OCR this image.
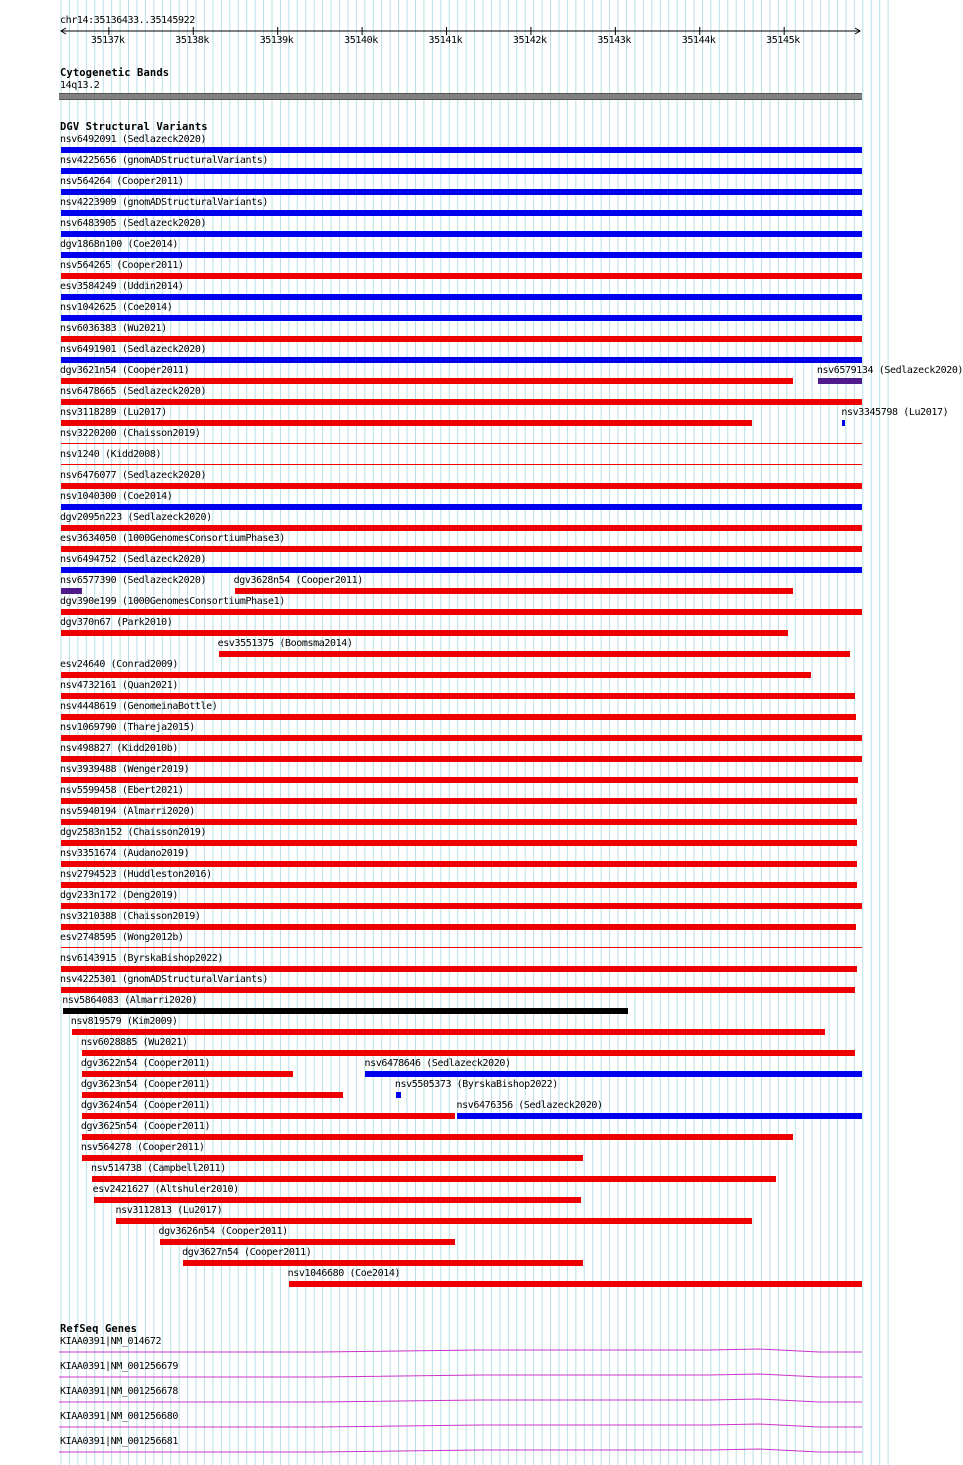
chr14:35136433..35145922
35137k	35138k	35139k	35140k	35141k	35142k	35143k	35144k	35145k
Cytogenetic Bands
14q13.2
DGV Structural Variants
nsv6492091 (Sedlazeck2020)
nsv4225656 (gnomADStructuralVariants)
nsv564264 (Cooper2011)
nsv4223909 (gnomADStructuralVariants)
nsv6483905 (Sedlazeck2020)
dgv1868n100 (Coe2014)
nsv564265 (Cooper2011)
esv3584249 (Uddin2014)
nsv1042625 (Coe2014)
nsv6036383 (Wu2021)
nsv6491901 (Sedlazeck2020)
dgv3621n54 (Cooper2011)	nsv6579134 (Sedlazeck2020)
nsv6478665 (Sedlazeck2020)
nsv3118289 (Lu2017)	nsv3345798 (Lu2017)
nsv3220200 (Chaisson2019)
nsv1240 (Kidd2008)
nsv6476077 (Sedlazeck2020)
nsv1040300 (Coe2014)
dgv2095n223 (Sedlazeck2020)
esv3634050 (1000GenomesConsortiumPhase3)
nsv6494752 (Sedlazeck2020)
nsv6577390 (Sedlazeck2020)	dgv3628n54 (Cooper2011)
dgv390e199 (1000GenomesConsortiumPhase1)
dgv370n67 (Park2010)
esv3551375 (Boomsma2014)
esv24640 (Conrad2009)
nsv4732161 (Quan2021)
nsv4448619 (GenomeinaBottle)
nsv1069790 (Thareja2015)
nsv498827 (Kidd2010b)
nsv3939488 (Wenger2019)
nsv5599458 (Ebert2021)
nsv5940194 (Almarri2020)
dgv2583n152 (Chaisson2019)
nsv3351674 (Audano2019)
nsv2794523 (Huddleston2016)
dgv233n172 (Deng2019)
nsv3210388 (Chaisson2019)
esv2748595 (Wong2012b)
nsv6143915 (ByrskaBishop2022)
nsv4225301 (gnomADStructuralVariants)
nsv5864083 (Almarri2020)
nsv819579 (Kim2009)
nsv6028885 (Wu2021)
dgv3622n54 (Cooper2011)	nsv6478646 (Sedlazeck2020)
dgv3623n54 (Cooper2011)	nsv5505373 (ByrskaBishop2022)
dgv3624n54 (Cooper2011)	nsv6476356 (Sedlazeck2020)
dgv3625n54 (Cooper2011)
nsv564278 (Cooper2011)
nsv514738 (Campbell2011)
esv2421627 (Altshuler2010)
nsv3112813 (Lu2017)
dgv3626n54 (Cooper2011)
dgv3627n54 (Cooper2011)
nsv1046680 (Coe2014)
RefSeq Genes
KIAA0391|NM_014672
KIAA0391|NM_001256679
KIAA0391|NM_001256678
KIAA0391|NM_001256680
KIAA0391|NM_001256681
